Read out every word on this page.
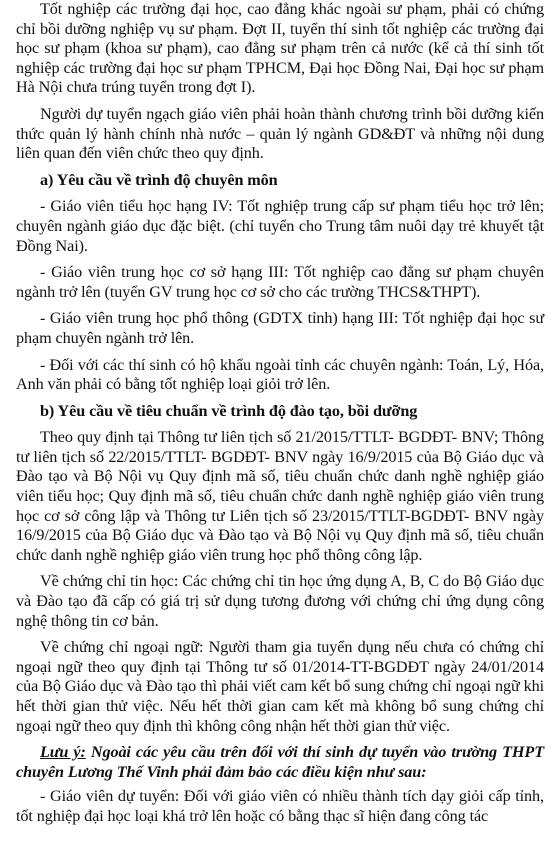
Tốt nghiệp các trường đại học, cao đẳng khác ngoài sư phạm, phải có chứng chỉ bồi dưỡng nghiệp vụ sư phạm. Đợt II, tuyển thí sinh tốt nghiệp các trường đại học sư phạm (khoa sư phạm), cao đẳng sư phạm trên cả nước (kể cả thí sinh tốt nghiệp các trường đại học sư phạm TPHCM, Đại học Đồng Nai, Đại học sư phạm Hà Nội chưa trúng tuyển trong đợt I).

Người dự tuyển ngạch giáo viên phải hoàn thành chương trình bồi dưỡng kiến thức quản lý hành chính nhà nước – quản lý ngành GD&ĐT và những nội dung liên quan đến viên chức theo quy định.

a) Yêu cầu về trình độ chuyên môn

- Giáo viên tiểu học hạng IV: Tốt nghiệp trung cấp sư phạm tiểu học trở lên; chuyên ngành giáo dục đặc biệt. (chỉ tuyển cho Trung tâm nuôi dạy trẻ khuyết tật Đồng Nai).

- Giáo viên trung học cơ sở hạng III: Tốt nghiệp cao đẳng sư phạm chuyên ngành trở lên (tuyển GV trung học cơ sở cho các trường THCS&THPT).

- Giáo viên trung học phổ thông (GDTX tỉnh) hạng III: Tốt nghiệp đại học sư phạm chuyên ngành trở lên.

- Đối với các thí sinh có hộ khẩu ngoài tỉnh các chuyên ngành: Toán, Lý, Hóa, Anh văn phải có bằng tốt nghiệp loại giỏi trở lên.

b) Yêu cầu về tiêu chuẩn về trình độ đào tạo, bồi dưỡng

Theo quy định tại Thông tư liên tịch số 21/2015/TTLT- BGDĐT- BNV; Thông tư liên tịch số 22/2015/TTLT- BGDĐT- BNV ngày 16/9/2015 của Bộ Giáo dục và Đào tạo và Bộ Nội vụ Quy định mã số, tiêu chuẩn chức danh nghề nghiệp giáo viên tiểu học; Quy định mã số, tiêu chuẩn chức danh nghề nghiệp giáo viên trung học cơ sở công lập và Thông tư Liên tịch số 23/2015/TTLT-BGDĐT- BNV ngày 16/9/2015 của Bộ Giáo dục và Đào tạo và Bộ Nội vụ Quy định mã số, tiêu chuẩn chức danh nghề nghiệp giáo viên trung học phổ thông công lập.

Về chứng chỉ tin học: Các chứng chỉ tin học ứng dụng A, B, C do Bộ Giáo dục và Đào tạo đã cấp có giá trị sử dụng tương đương với chứng chỉ ứng dụng công nghệ thông tin cơ bản.

Về chứng chỉ ngoại ngữ: Người tham gia tuyển dụng nếu chưa có chứng chỉ ngoại ngữ theo quy định tại Thông tư số 01/2014-TT-BGDĐT ngày 24/01/2014 của Bộ Giáo dục và Đào tạo thì phải viết cam kết bổ sung chứng chỉ ngoại ngữ khi hết thời gian thử việc. Nếu hết thời gian cam kết mà không bổ sung chứng chỉ ngoại ngữ theo quy định thì không công nhận hết thời gian thử việc.

Lưu ý: Ngoài các yêu cầu trên đối với thí sinh dự tuyển vào trường THPT chuyên Lương Thế Vinh phải đảm bảo các điều kiện như sau:

- Giáo viên dự tuyển: Đối với giáo viên có nhiều thành tích dạy giỏi cấp tỉnh, tốt nghiệp đại học loại khá trở lên hoặc có bằng thạc sĩ hiện đang công tác
